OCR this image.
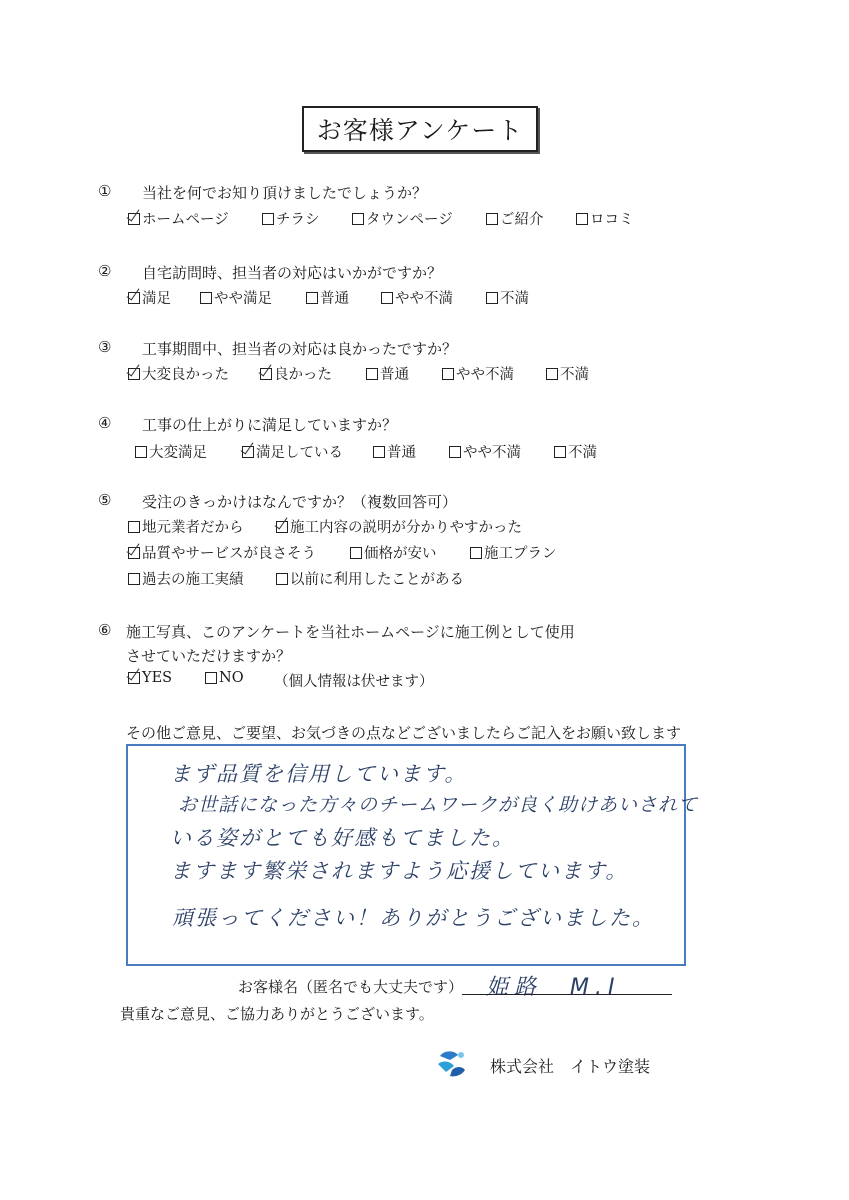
お客様アンケート
① 当社を何でお知り頂けましたでしょうか？
ホームページ	チラシ	タウンページ	ご紹介	ロコミ
② 自宅訪問時、担当者の対応はいかがですか？
満足	やや満足	普通	やや不満	不満
③ 工事期間中、担当者の対応は良かったですか？
大変良かった	良かった	普通	やや不満	不満
④ 工事の仕上がりに満足していますか？
大変満足	満足している	普通	やや不満	不満
⑤ 受注のきっかけはなんですか？（複数回答可）
地元業者だから	施工内容の説明が分かりやすかった
品質やサービスが良さそう	価格が安い	施工プラン
過去の施工実績	以前に利用したことがある
⑥ 施工写真、このアンケートを当社ホームページに施工例として使用
させていただけますか？
YES	NO （個人情報は伏せます）
その他ご意見、ご要望、お気づきの点などございましたらご記入をお願い致します
まず品質を信用しています。
お世話になった方々のチームワークが良く助けあいされて
いる姿がとても好感もてました。
ますます繁栄されますよう応援しています。
頑張ってください！ありがとうございました。
お客様名（匿名でも大丈夫です） 姫路　M.I
貴重なご意見、ご協力ありがとうございます。
株式会社　イトウ塗装
